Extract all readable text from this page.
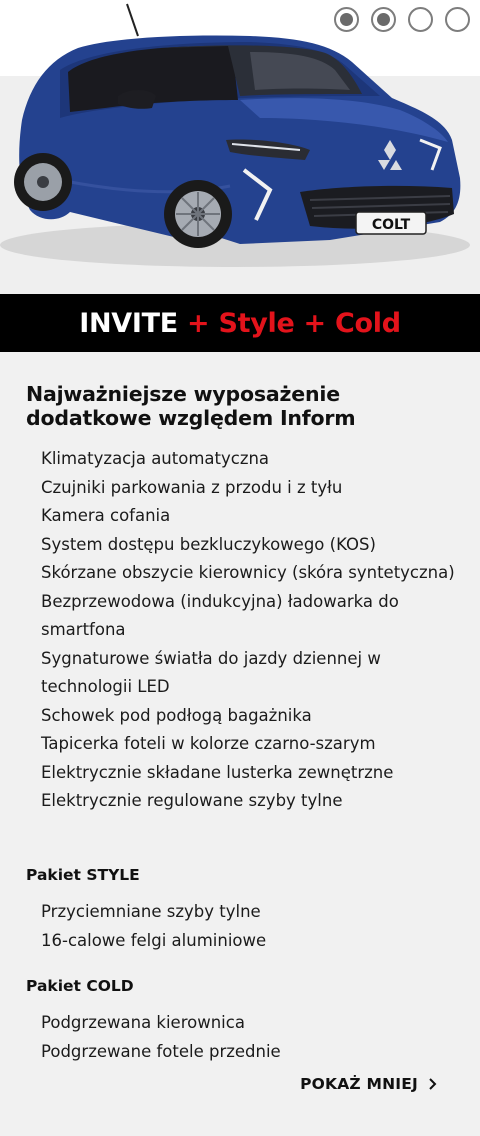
COLT
INVITE
+ Style + Cold
Najważniejsze wyposażenie dodatkowe względem Inform
Klimatyzacja automatyczna
Czujniki parkowania z przodu i z tyłu
Kamera cofania
System dostępu bezkluczykowego (KOS)
Skórzane obszycie kierownicy (skóra syntetyczna)
Bezprzewodowa (indukcyjna) ładowarka do smartfona
Sygnaturowe światła do jazdy dziennej w technologii LED
Schowek pod podłogą bagażnika
Tapicerka foteli w kolorze czarno-szarym
Elektrycznie składane lusterka zewnętrzne
Elektrycznie regulowane szyby tylne
Pakiet STYLE
Przyciemniane szyby tylne
16-calowe felgi aluminiowe
Pakiet COLD
Podgrzewana kierownica
Podgrzewane fotele przednie
POKAŻ MNIEJ
